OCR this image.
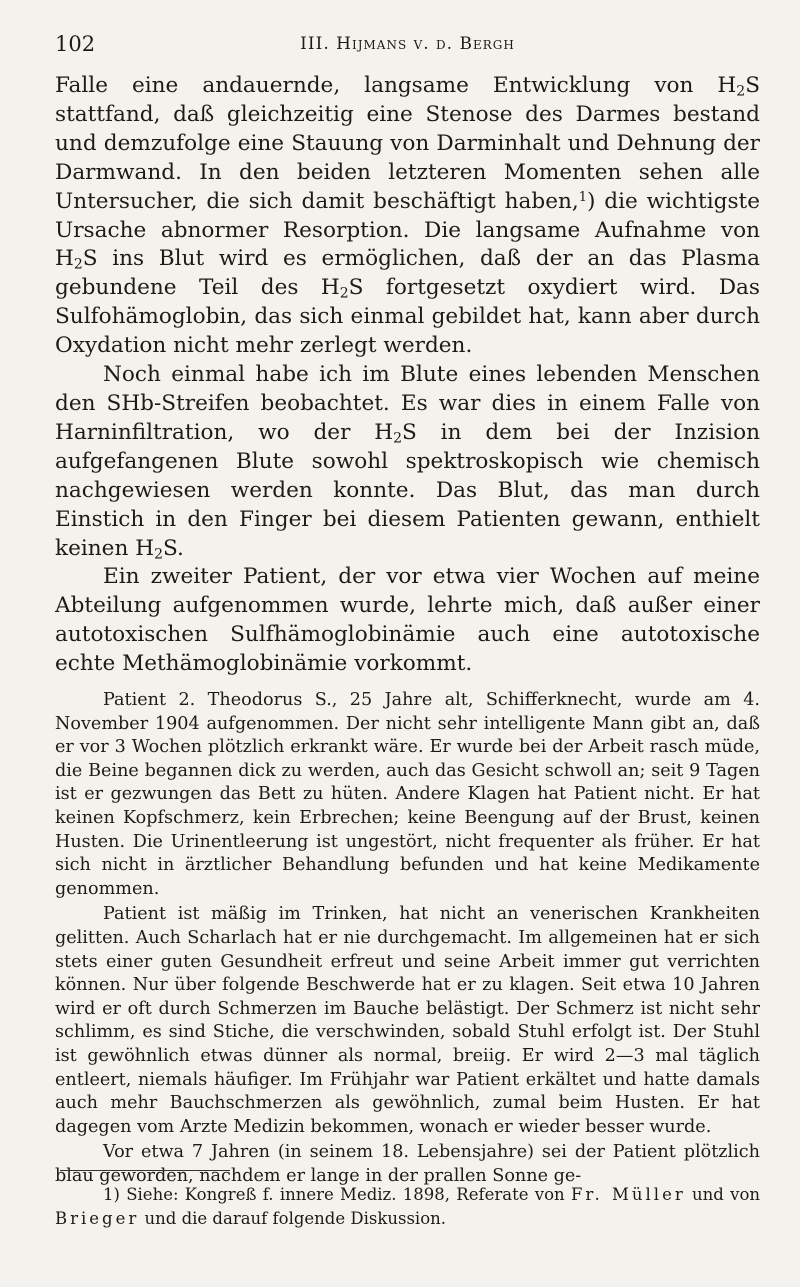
102	III. Hijmans v. d. Bergh

Falle eine andauernde, langsame Entwicklung von $H_2S$ stattfand, daß gleichzeitig eine Stenose des Darmes bestand und demzufolge eine Stauung von Darminhalt und Dehnung der Darmwand. In den beiden letzteren Momenten sehen alle Untersucher, die sich damit beschäftigt haben,$^1$) die wichtigste Ursache abnormer Resorption. Die langsame Aufnahme von $H_2S$ ins Blut wird es ermöglichen, daß der an das Plasma gebundene Teil des $H_2S$ fortgesetzt oxydiert wird. Das Sulfohämoglobin, das sich einmal gebildet hat, kann aber durch Oxydation nicht mehr zerlegt werden.

Noch einmal habe ich im Blute eines lebenden Menschen den SHb-Streifen beobachtet. Es war dies in einem Falle von Harninfiltration, wo der $H_2S$ in dem bei der Inzision aufgefangenen Blute sowohl spektroskopisch wie chemisch nachgewiesen werden konnte. Das Blut, das man durch Einstich in den Finger bei diesem Patienten gewann, enthielt keinen $H_2S$.

Ein zweiter Patient, der vor etwa vier Wochen auf meine Abteilung aufgenommen wurde, lehrte mich, daß außer einer autotoxischen Sulfhämoglobinämie auch eine autotoxische echte Methämoglobinämie vorkommt.

Patient 2. Theodorus S., 25 Jahre alt, Schifferknecht, wurde am 4. November 1904 aufgenommen. Der nicht sehr intelligente Mann gibt an, daß er vor 3 Wochen plötzlich erkrankt wäre. Er wurde bei der Arbeit rasch müde, die Beine begannen dick zu werden, auch das Gesicht schwoll an; seit 9 Tagen ist er gezwungen das Bett zu hüten. Andere Klagen hat Patient nicht. Er hat keinen Kopfschmerz, kein Erbrechen; keine Beengung auf der Brust, keinen Husten. Die Urinentleerung ist ungestört, nicht frequenter als früher. Er hat sich nicht in ärztlicher Behandlung befunden und hat keine Medikamente genommen.

Patient ist mäßig im Trinken, hat nicht an venerischen Krankheiten gelitten. Auch Scharlach hat er nie durchgemacht. Im allgemeinen hat er sich stets einer guten Gesundheit erfreut und seine Arbeit immer gut verrichten können. Nur über folgende Beschwerde hat er zu klagen. Seit etwa 10 Jahren wird er oft durch Schmerzen im Bauche belästigt. Der Schmerz ist nicht sehr schlimm, es sind Stiche, die verschwinden, sobald Stuhl erfolgt ist. Der Stuhl ist gewöhnlich etwas dünner als normal, breiig. Er wird 2—3 mal täglich entleert, niemals häufiger. Im Frühjahr war Patient erkältet und hatte damals auch mehr Bauchschmerzen als gewöhnlich, zumal beim Husten. Er hat dagegen vom Arzte Medizin bekommen, wonach er wieder besser wurde.

Vor etwa 7 Jahren (in seinem 18. Lebensjahre) sei der Patient plötzlich blau geworden, nachdem er lange in der prallen Sonne ge-

1) Siehe: Kongreß f. innere Mediz. 1898, Referate von Fr. Müller und von Brieger und die darauf folgende Diskussion.
